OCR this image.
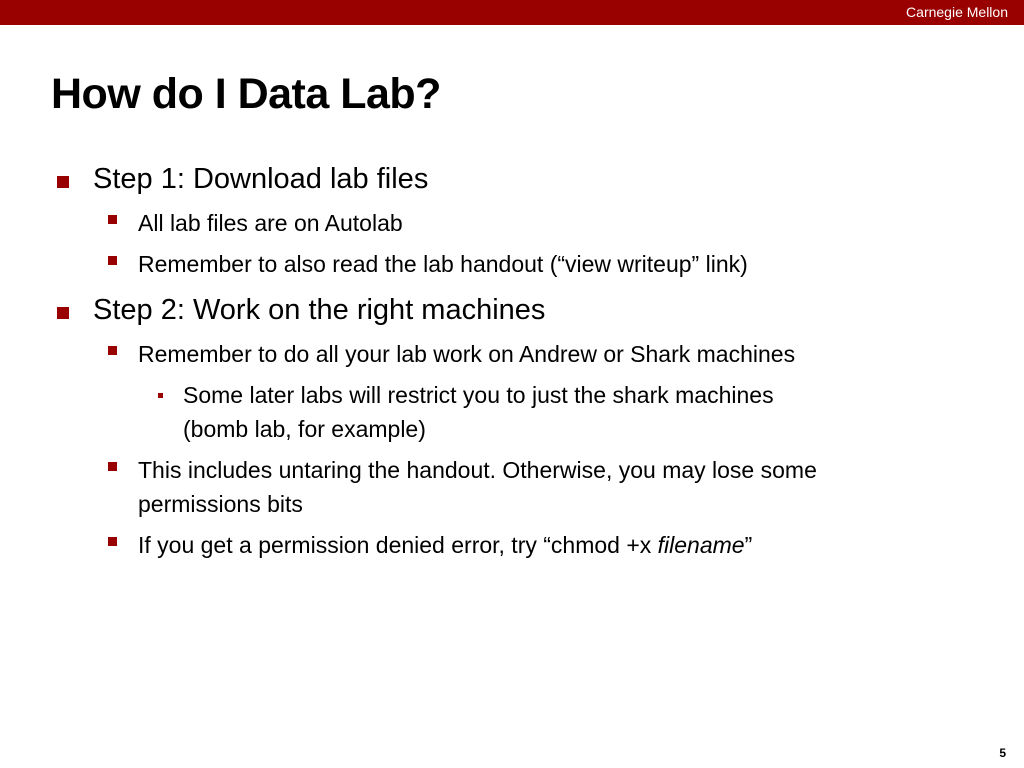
Carnegie Mellon
How do I Data Lab?
Step 1: Download lab files
All lab files are on Autolab
Remember to also read the lab handout (“view writeup” link)
Step 2: Work on the right machines
Remember to do all your lab work on Andrew or Shark machines
Some later labs will restrict you to just the shark machines
(bomb lab, for example)
This includes untaring the handout. Otherwise, you may lose some
permissions bits
If you get a permission denied error, try “chmod +x filename”
5
